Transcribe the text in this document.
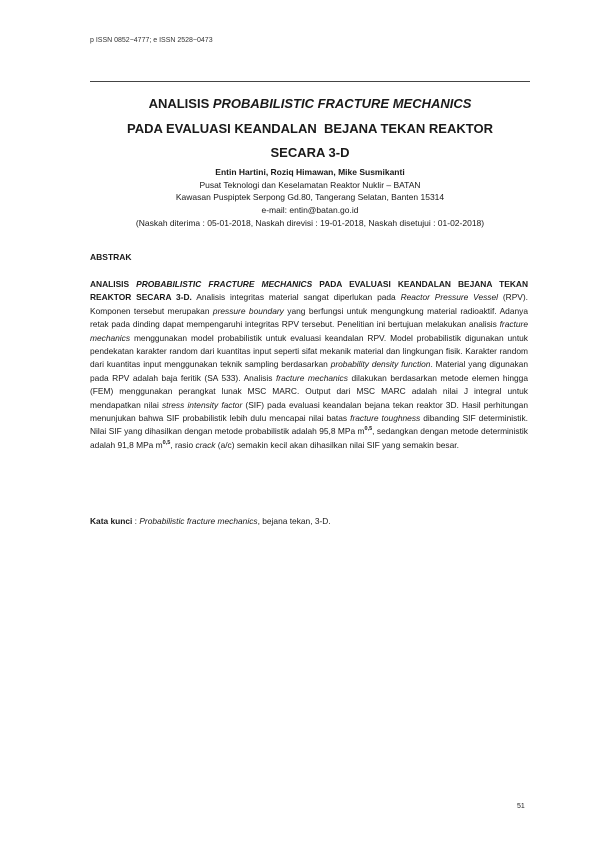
p ISSN 0852−4777; e ISSN 2528−0473
ANALISIS PROBABILISTIC FRACTURE MECHANICS
PADA EVALUASI KEANDALAN  BEJANA TEKAN REAKTOR
SECARA 3-D
Entin Hartini, Roziq Himawan, Mike Susmikanti
Pusat Teknologi dan Keselamatan Reaktor Nuklir – BATAN
Kawasan Puspiptek Serpong Gd.80, Tangerang Selatan, Banten 15314
e-mail: entin@batan.go.id
(Naskah diterima : 05-01-2018, Naskah direvisi : 19-01-2018, Naskah disetujui : 01-02-2018)
ABSTRAK

ANALISIS PROBABILISTIC FRACTURE MECHANICS PADA EVALUASI KEANDALAN BEJANA TEKAN REAKTOR SECARA 3-D. Analisis integritas material sangat diperlukan pada Reactor Pressure Vessel (RPV). Komponen tersebut merupakan pressure boundary yang berfungsi untuk mengungkung material radioaktif. Adanya retak pada dinding dapat mempengaruhi integritas RPV tersebut. Penelitian ini bertujuan melakukan analisis fracture mechanics menggunakan model probabilistik untuk evaluasi keandalan RPV. Model probabilistik digunakan untuk pendekatan karakter random dari kuantitas input seperti sifat mekanik material dan lingkungan fisik. Karakter random dari kuantitas input menggunakan teknik sampling berdasarkan probability density function. Material yang digunakan pada RPV adalah baja feritik (SA 533). Analisis fracture mechanics dilakukan berdasarkan metode elemen hingga (FEM) menggunakan perangkat lunak MSC MARC. Output dari MSC MARC adalah nilai J integral untuk mendapatkan nilai stress intensity factor (SIF) pada evaluasi keandalan bejana tekan reaktor 3D. Hasil perhitungan menunjukan bahwa SIF probabilistik lebih dulu mencapai nilai batas fracture toughness dibanding SIF deterministik. Nilai SIF yang dihasilkan dengan metode probabilistik adalah 95,8 MPa $m^{0,5}$, sedangkan dengan metode deterministik adalah 91,8 MPa $m^{0,5}$, rasio crack (a/c) semakin kecil akan dihasilkan nilai SIF yang semakin besar.

Kata kunci : Probabilistic fracture mechanics, bejana tekan, 3-D.
51
